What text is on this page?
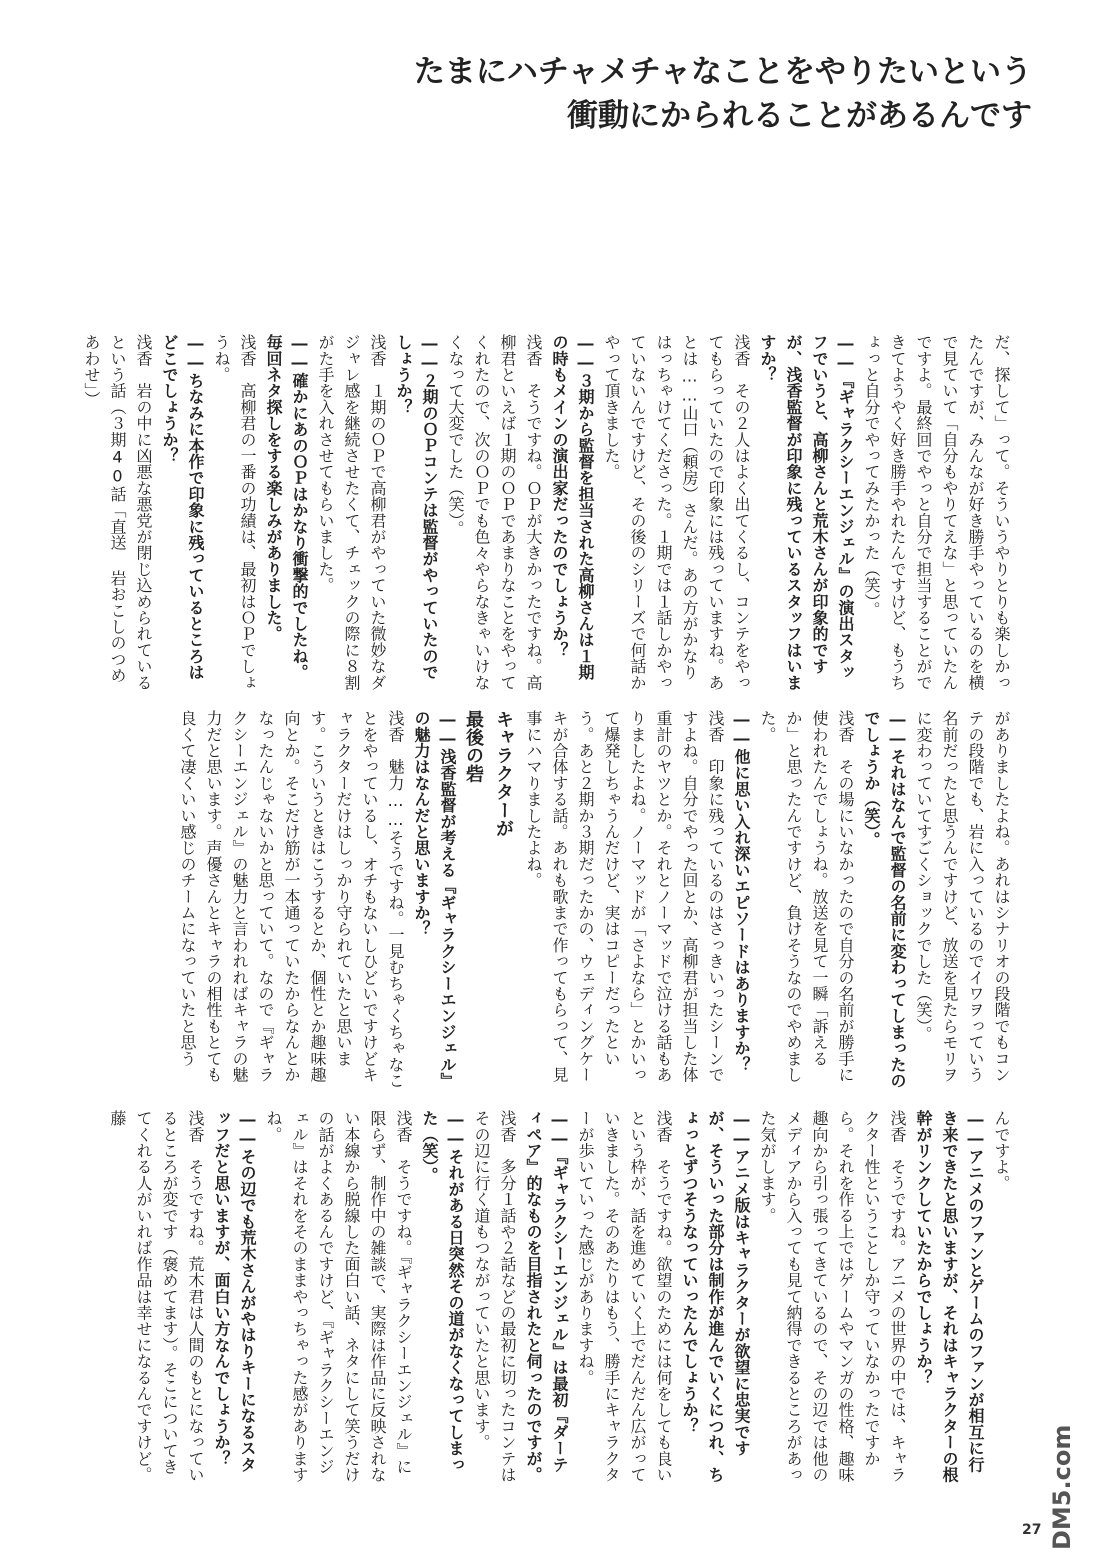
たまにハチャメチャなことをやりたいという
衝動にかられることがあるんです

だ、探して」って。そういうやりとりも楽しかったんですが、みんなが好き勝手やっているのを横で見ていて「自分もやりてえな」と思っていたんですよ。最終回でやっと自分で担当することができてようやく好き勝手やれたんですけど、もうちょっと自分でやってみたかった（笑）。

――『ギャラクシーエンジェル』の演出スタッフでいうと、高柳さんと荒木さんが印象的ですが、浅香監督が印象に残っているスタッフはいますか？

浅香　その２人はよく出てくるし、コンテをやってもらっていたので印象には残っていますね。あとは……山口（頼房）さんだ。あの方がかなりはっちゃけてくださった。１期では１話しかやっていないんですけど、その後のシリーズで何話かやって頂きました。

――３期から監督を担当された高柳さんは１期の時もメインの演出家だったのでしょうか？

浅香　そうですね。ＯＰが大きかったですね。高柳君といえば１期のＯＰであまりなことをやってくれたので、次のＯＰでも色々やらなきゃいけなくなって大変でした（笑）。

――２期のＯＰコンテは監督がやっていたのでしょうか？

浅香　１期のＯＰで高柳君がやっていた微妙なダジャレ感を継続させたくて、チェックの際に８割がた手を入れさせてもらいました。

――確かにあのＯＰはかなり衝撃的でしたね。毎回ネタ探しをする楽しみがありました。

浅香　高柳君の一番の功績は、最初はＯＰでしょうね。

――ちなみに本作で印象に残っているところはどこでしょうか？

浅香　岩の中に凶悪な悪党が閉じ込められているという話（３期40話「直送 岩おこしのつめあわせ」）

がありましたよね。あれはシナリオの段階でもコンテの段階でも、岩に入っているのでイワヲっていう名前だったと思うんですけど、放送を見たらモリヲに変わっていてすごくショックでした（笑）。

――それはなんで監督の名前に変わってしまったのでしょうか（笑）。

浅香　その場にいなかったので自分の名前が勝手に使われたんでしょうね。放送を見て一瞬「訴えるか」と思ったんですけど、負けそうなのでやめました。

――他に思い入れ深いエピソードはありますか？

浅香　印象に残っているのはさっきいったシーンですよね。自分でやった回とか、高柳君が担当した体重計のヤツとか。それとノーマッドで泣ける話もありましたよね。ノーマッドが「さよなら」とかいって爆発しちゃうんだけど、実はコピーだったという。あと２期か３期だったかの、ウェディングケーキが合体する話。あれも歌まで作ってもらって、見事にハマりましたよね。

キャラクターが

最後の砦

――浅香監督が考える『ギャラクシーエンジェル』の魅力はなんだと思いますか？

浅香　魅力……そうですね。一見むちゃくちゃなことをやっているし、オチもないしひどいですけどキャラクターだけはしっかり守られていたと思います。こういうときはこうするとか、個性とか趣味趣向とか。そこだけ筋が一本通っていたからなんとかなったんじゃないかと思っていて。なので『ギャラクシーエンジェル』の魅力と言われればキャラの魅力だと思います。声優さんとキャラの相性もとても良くて凄くいい感じのチームになっていたと思う

んですよ。

――アニメのファンとゲームのファンが相互に行き来できたと思いますが、それはキャラクターの根幹がリンクしていたからでしょうか？

浅香　そうですね。アニメの世界の中では、キャラクター性ということしか守っていなかったですから。それを作る上ではゲームやマンガの性格、趣味趣向から引っ張ってきているので、その辺では他のメディアから入っても見て納得できるところがあった気がします。

――アニメ版はキャラクターが欲望に忠実ですが、そういった部分は制作が進んでいくにつれ、ちょっとずつそうなっていったんでしょうか？

浅香　そうですね。欲望のためには何をしても良いという枠が、話を進めていく上でだんだん広がっていきました。そのあたりはもう、勝手にキャラクターが歩いていった感じがありますね。

――『ギャラクシーエンジェル』は最初『ダーティペア』的なものを目指されたと伺ったのですが。

浅香　多分１話や２話などの最初に切ったコンテはその辺に行く道もつながっていたと思います。

――それがある日突然その道がなくなってしまった（笑）。

浅香　そうですね。『ギャラクシーエンジェル』に限らず、制作中の雑談で、実際は作品に反映されない本線から脱線した面白い話、ネタにして笑うだけの話がよくあるんですけど、『ギャラクシーエンジェル』はそれをそのままやっちゃった感がありますね。

――その辺でも荒木さんがやはりキーになるスタッフだと思いますが、面白い方なんでしょうか？

浅香　そうですね。荒木君は人間のもとになっているところが変です（褒めてます）。そこについてきてくれる人がいれば作品は幸せになるんですけど。藤

27 DM5.com
